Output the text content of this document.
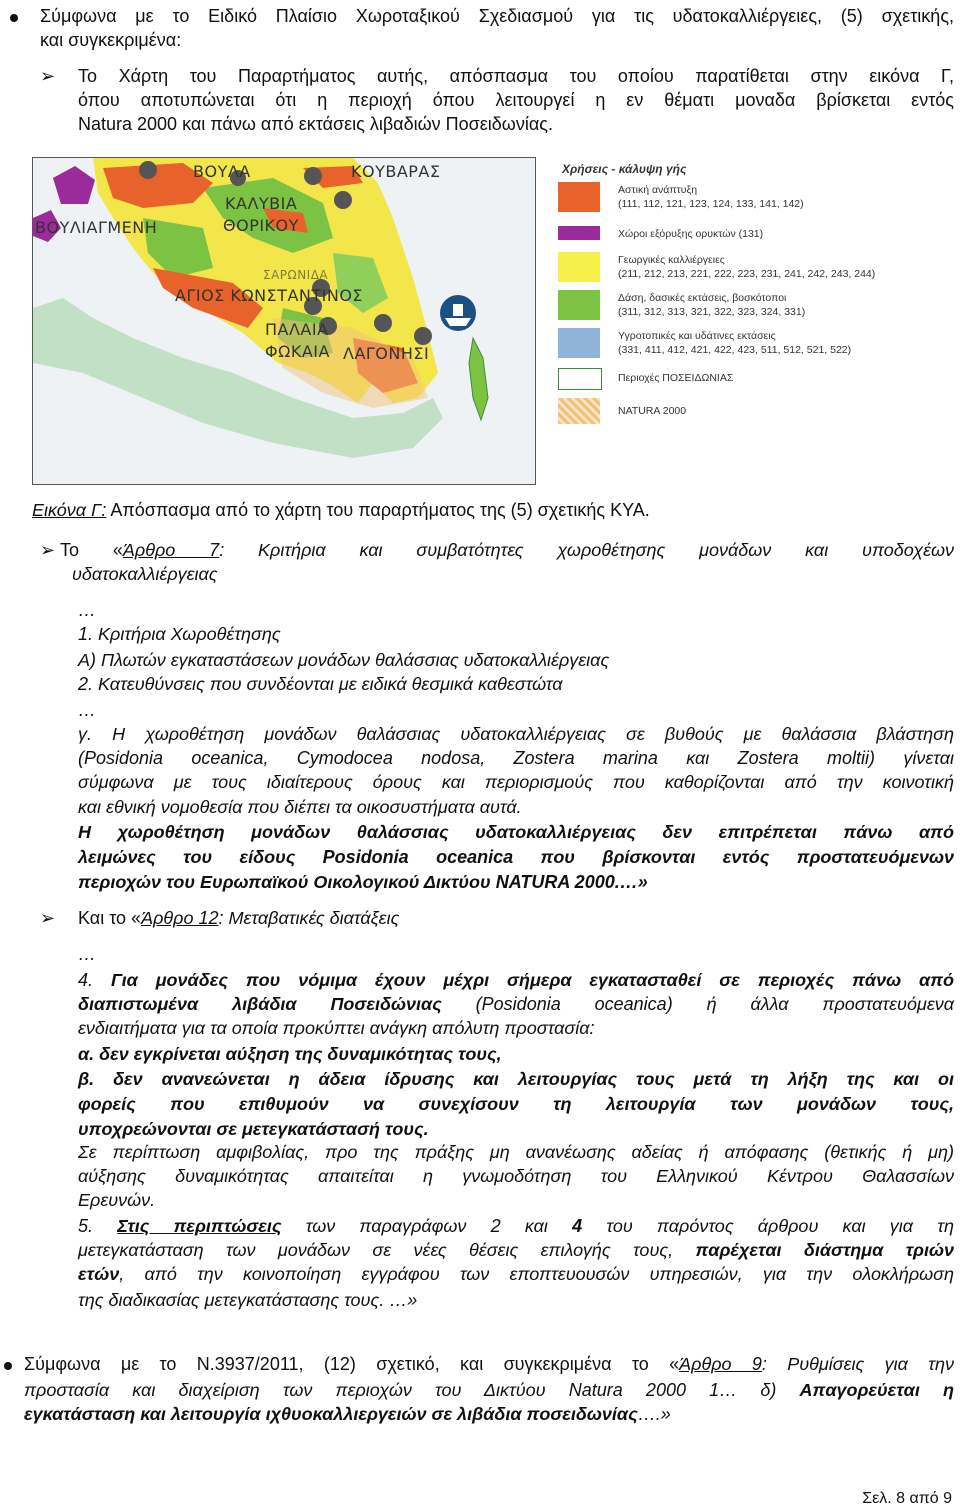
Σύμφωνα με το Ειδικό Πλαίσιο Χωροταξικού Σχεδιασμού για τις υδατοκαλλιέργειες, (5) σχετικής,
και συγκεκριμένα:
➢ Το Χάρτη του Παραρτήματος αυτής, απόσπασμα του οποίου παρατίθεται στην εικόνα Γ,
όπου αποτυπώνεται ότι η περιοχή όπου λειτουργεί η εν θέματι μοναδα βρίσκεται εντός
Natura 2000 και πάνω από εκτάσεις λιβαδιών Ποσειδωνίας.
ΒΟΥΛΙΑΓΜΕΝΗ
ΒΟΥΛΑ
ΚΑΛΥΒΙΑ
ΘΟΡΙΚΟΥ
ΚΟΥΒΑΡΑΣ
ΑΓΙΟΣ ΚΩΝΣΤΑΝΤΙΝΟΣ
ΠΑΛΑΙΑ
ΦΩΚΑΙΑ
ΣΑΡΩΝΙΔΑ
ΛΑΓΟΝΗΣΙ
Χρήσεις - κάλυψη γής
Αστική ανάπτυξη
(111, 112, 121, 123, 124, 133, 141, 142)
Χώροι εξόρυξης ορυκτών (131)
Γεωργικές καλλιέργειες
(211, 212, 213, 221, 222, 223, 231, 241, 242, 243, 244)
Δάση, δασικές εκτάσεις, βοσκότοποι
(311, 312, 313, 321, 322, 323, 324, 331)
Υγροτοπικές και υδάτινες εκτάσεις
(331, 411, 412, 421, 422, 423, 511, 512, 521, 522)
Περιοχές ΠΟΣΕΙΔΩΝΙΑΣ
NATURA 2000
Εικόνα Γ: Απόσπασμα από το χάρτη του παραρτήματος της (5) σχετικής ΚΥΑ.
➢ Το «Άρθρο 7: Κριτήρια και συμβατότητες χωροθέτησης μονάδων και υποδοχέων
υδατοκαλλιέργειας
…
1. Κριτήρια Χωροθέτησης
Α) Πλωτών εγκαταστάσεων μονάδων θαλάσσιας υδατοκαλλιέργειας
2. Κατευθύνσεις που συνδέονται με ειδικά θεσμικά καθεστώτα
…
γ. Η χωροθέτηση μονάδων θαλάσσιας υδατοκαλλιέργειας σε βυθούς με θαλάσσια βλάστηση
(Posidonia oceanica, Cymodocea nodosa, Zostera marina και Zostera moltii) γίνεται
σύμφωνα με τους ιδιαίτερους όρους και περιορισμούς που καθορίζονται από την κοινοτική
και εθνική νομοθεσία που διέπει τα οικοσυστήματα αυτά.
Η χωροθέτηση μονάδων θαλάσσιας υδατοκαλλιέργειας δεν επιτρέπεται πάνω από
λειμώνες του είδους Posidonia oceanica που βρίσκονται εντός προστατευόμενων
περιοχών του Ευρωπαϊκού Οικολογικού Δικτύου NATURA 2000.…»
➢ Και το «Άρθρο 12: Μεταβατικές διατάξεις
…
4. Για μονάδες που νόμιμα έχουν μέχρι σήμερα εγκατασταθεί σε περιοχές πάνω από
διαπιστωμένα λιβάδια Ποσειδώνιας (Posidonia oceanica) ή άλλα προστατευόμενα
ενδιαιτήματα για τα οποία προκύπτει ανάγκη απόλυτη προστασία:
α. δεν εγκρίνεται αύξηση της δυναμικότητας τους,
β. δεν ανανεώνεται η άδεια ίδρυσης και λειτουργίας τους μετά τη λήξη της και οι
φορείς που επιθυμούν να συνεχίσουν τη λειτουργία των μονάδων τους,
υποχρεώνονται σε μετεγκατάστασή τους.
Σε περίπτωση αμφιβολίας, προ της πράξης μη ανανέωσης αδείας ή απόφασης (θετικής ή μη)
αύξησης δυναμικότητας απαιτείται η γνωμοδότηση του Ελληνικού Κέντρου Θαλασσίων
Ερευνών.
5. Στις περιπτώσεις των παραγράφων 2 και 4 του παρόντος άρθρου και για τη
μετεγκατάσταση των μονάδων σε νέες θέσεις επιλογής τους, παρέχεται διάστημα τριών
ετών, από την κοινοποίηση εγγράφου των εποπτευουσών υπηρεσιών, για την ολοκλήρωση
της διαδικασίας μετεγκατάστασης τους. …»
Σύμφωνα με το Ν.3937/2011, (12) σχετικό, και συγκεκριμένα το «Άρθρο 9: Ρυθμίσεις για την
προστασία και διαχείριση των περιοχών του Δικτύου Natura 2000 1… δ) Απαγορεύεται η
εγκατάσταση και λειτουργία ιχθυοκαλλιεργειών σε λιβάδια ποσειδωνίας….»
Σελ. 8 από 9
